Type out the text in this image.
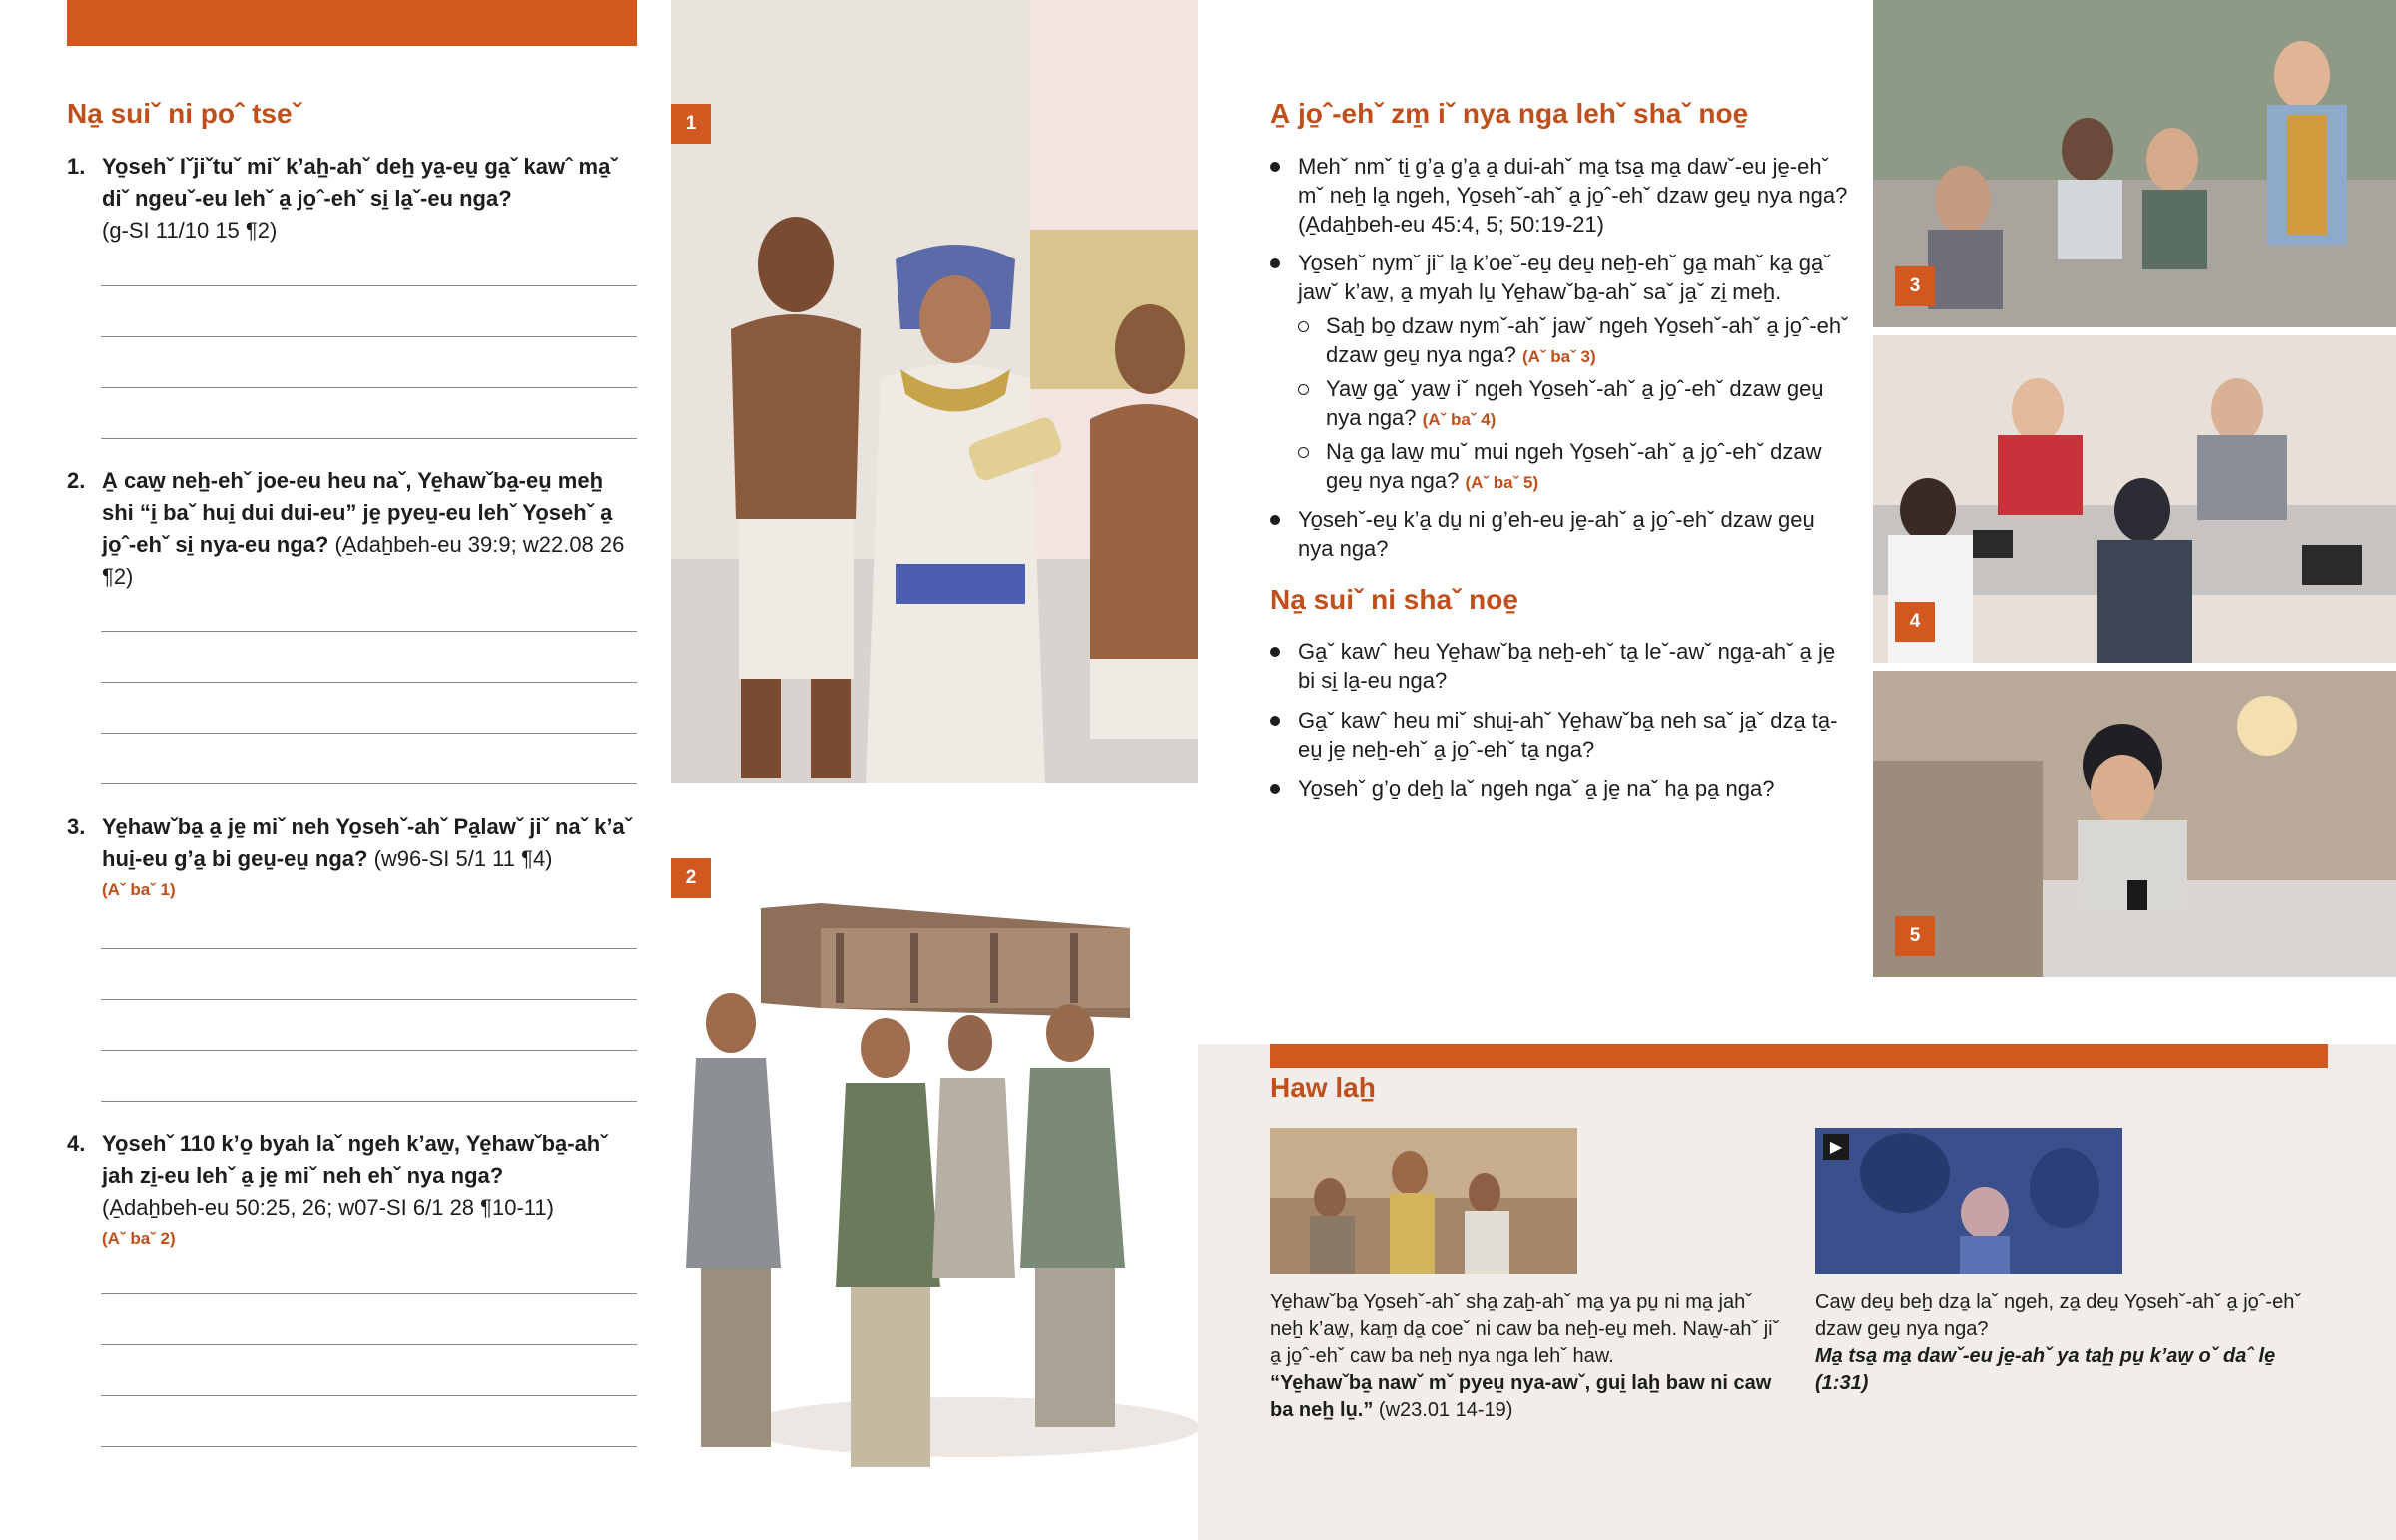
Na̱ suiˇ ni poˆ tseˇ
1. Yo̱sehˇ Iˇjiˇtuˇ miˇ k’ah̠-ahˇ deh̠ ya̱-eu̱ ga̱ˇ kawˆ ma̱ˇ diˇ ngeuˇ-eu lehˇ a̱ jo̱ˆ-ehˇ si̱ la̱ˇ-eu nga?
(g-SI 11/10 15 ¶2)
2. A̱ caw̱ neh̠-ehˇ joe-eu heu naˇ, Ye̱hawˇba̱-eu̱ meh̠ shi “i̱ baˇ hui̱ dui dui-eu” je̱ pyeu̱-eu lehˇ Yo̱sehˇ a̱ jo̱ˆ-ehˇ si̱ nya-eu nga? (A̱dah̠beh-eu 39:9; w22.08 26 ¶2)
3. Ye̱hawˇba̱ a̱ je̱ miˇ neh Yo̱sehˇ-ahˇ Pa̱lawˇ jiˇ naˇ k’aˇ hui̱-eu g’a̱ bi geu̱-eu̱ nga? (w96-SI 5/1 11 ¶4)
(Aˇ baˇ 1)
4. Yo̱sehˇ 110 k’o̱ byah laˇ ngeh k’aw̱, Ye̱hawˇba̱-ahˇ jah zi̱-eu lehˇ a̱ je̱ miˇ neh ehˇ nya nga?
(A̱dah̠beh-eu 50:25, 26; w07-SI 6/1 28 ¶10-11)
(Aˇ baˇ 2)
1
2
A̱ jo̱ˆ-ehˇ zm̱ iˇ nya nga lehˇ shaˇ noe̱
Mehˇ nmˇ ti̱ g’a̱ g’a̱ a̱ dui-ahˇ ma̱ tsa̱ ma̱ dawˇ-eu je̱-ehˇ mˇ neh̠ la̱ ngeh, Yo̱sehˇ-ahˇ a̱ jo̱ˆ-ehˇ dzaw geu̱ nya nga? (A̱dah̠beh-eu 45:4, 5; 50:19-21)
Yo̱sehˇ nymˇ jiˇ la̱ k’oeˇ-eu̱ deu̱ neh̠-ehˇ ga̱ mahˇ ka̱ ga̱ˇ jawˇ k’aw̱, a̱ myah lu̱ Ye̱hawˇba̱-ahˇ saˇ ja̱ˇ zi̱ meh̠.
Sah̠ bo̱ dzaw nymˇ-ahˇ jawˇ ngeh Yo̱sehˇ-ahˇ a̱ jo̱ˆ-ehˇ dzaw geu̱ nya nga? (Aˇ baˇ 3)
Yaw̱ ga̱ˇ yaw̱ iˇ ngeh Yo̱sehˇ-ahˇ a̱ jo̱ˆ-ehˇ dzaw geu̱ nya nga? (Aˇ baˇ 4)
Na̱ ga̱ law̱ muˇ mui ngeh Yo̱sehˇ-ahˇ a̱ jo̱ˆ-ehˇ dzaw geu̱ nya nga? (Aˇ baˇ 5)
Yo̱sehˇ-eu̱ k’a̱ du̱ ni g’eh-eu je̱-ahˇ a̱ jo̱ˆ-ehˇ dzaw geu̱ nya nga?
Na̱ suiˇ ni shaˇ noe̱
Ga̱ˇ kawˆ heu Ye̱hawˇba̱ neh̠-ehˇ ta̱ leˇ-awˇ nga̱-ahˇ a̱ je̱ bi si̱ la̱-eu nga?
Ga̱ˇ kawˆ heu miˇ shui̱-ahˇ Ye̱hawˇba̱ neh saˇ ja̱ˇ dza̱ ta̱-eu̱ je̱ neh̠-ehˇ a̱ jo̱ˆ-ehˇ ta̱ nga?
Yo̱sehˇ g’o̱ deh̠ laˇ ngeh ngaˇ a̱ je̱ naˇ ha̱ pa̱ nga?
3
4
5
Haw lah̠
▶
Ye̱hawˇba̱ Yo̱sehˇ-ahˇ sha̱ zah̠-ahˇ ma̱ ya pu̱ ni ma̱ jahˇ neh̠ k’aw̱, kam̱ da̱ coeˇ ni caw ba neh̠-eu̱ meh. Naw̱-ahˇ jiˇ a̱ jo̱ˆ-ehˇ caw ba neh̠ nya nga lehˇ haw.
“Ye̱hawˇba̱ nawˇ mˇ pyeu̱ nya-awˇ, gui̱ lah̠ baw ni caw ba neh̠ lu̱.” (w23.01 14-19)
Caw̱ deu̱ beh̠ dza̱ laˇ ngeh, za̱ deu̱ Yo̱sehˇ-ahˇ a̱ jo̱ˆ-ehˇ dzaw geu̱ nya nga?
Ma̱ tsa̱ ma̱ dawˇ-eu je̱-ahˇ ya tah̠ pu̱ k’aw̱ oˇ daˆ le̱ (1:31)
